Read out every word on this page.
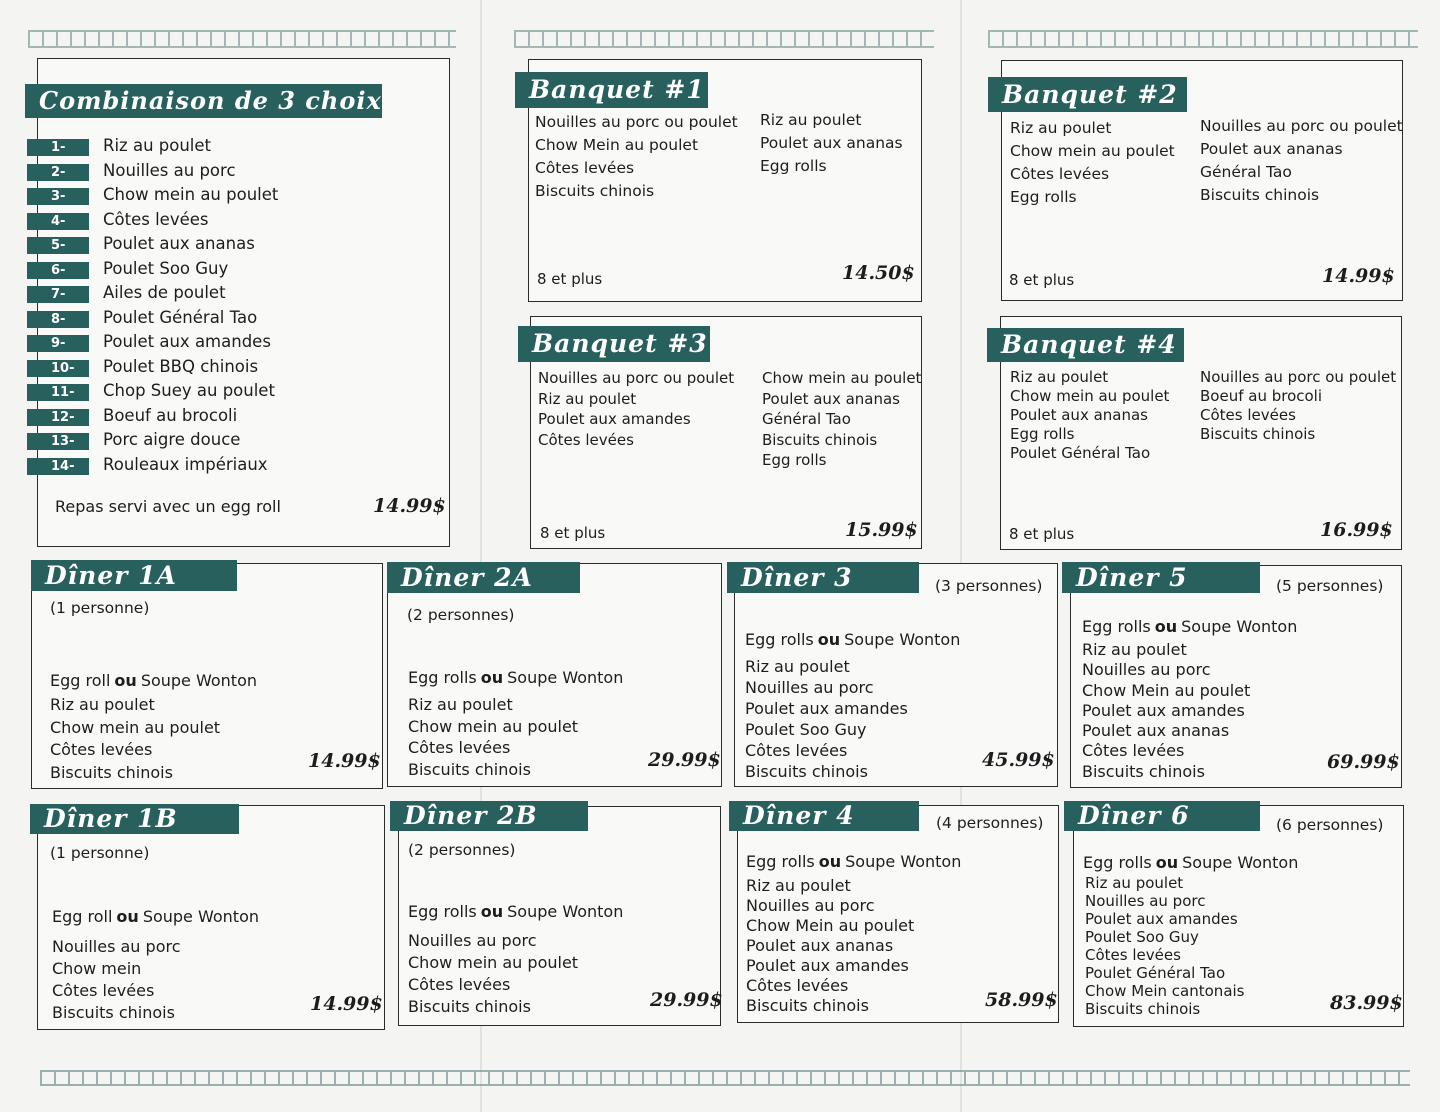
Combinaison de 3 choix
1-	Riz au poulet
2-	Nouilles au porc
3-	Chow mein au poulet
4-	Côtes levées
5-	Poulet aux ananas
6-	Poulet Soo Guy
7-	Ailes de poulet
8-	Poulet Général Tao
9-	Poulet aux amandes
10-	Poulet BBQ chinois
11-	Chop Suey au poulet
12-	Boeuf au brocoli
13-	Porc aigre douce
14-	Rouleaux impériaux
Repas servi avec un egg roll	14.99$
Banquet #1
Nouilles au porc ou poulet
Chow Mein au poulet
Côtes levées
Biscuits chinois
Riz au poulet
Poulet aux ananas
Egg rolls
8 et plus	14.50$
Banquet #2
Riz au poulet
Chow mein au poulet
Côtes levées
Egg rolls
Nouilles au porc ou poulet
Poulet aux ananas
Général Tao
Biscuits chinois
8 et plus	14.99$
Banquet #3
Nouilles au porc ou poulet
Riz au poulet
Poulet aux amandes
Côtes levées
Chow mein au poulet
Poulet aux ananas
Général Tao
Biscuits chinois
Egg rolls
8 et plus	15.99$
Banquet #4
Riz au poulet
Chow mein au poulet
Poulet aux ananas
Egg rolls
Poulet Général Tao
Nouilles au porc ou poulet
Boeuf au brocoli
Côtes levées
Biscuits chinois
8 et plus	16.99$
Dîner 1A
(1 personne)
Egg roll ou Soupe Wonton
Riz au poulet
Chow mein au poulet
Côtes levées
Biscuits chinois	14.99$
Dîner 2A
(2 personnes)
Egg rolls ou Soupe Wonton
Riz au poulet
Chow mein au poulet
Côtes levées
Biscuits chinois	29.99$
Dîner 3	(3 personnes)
Egg rolls ou Soupe Wonton
Riz au poulet
Nouilles au porc
Poulet aux amandes
Poulet Soo Guy
Côtes levées
Biscuits chinois
45.99$
Dîner 5	(5 personnes)
Egg rolls ou Soupe Wonton
Riz au poulet
Nouilles au porc
Chow Mein au poulet
Poulet aux amandes
Poulet aux ananas
Côtes levées
Biscuits chinois	69.99$
Dîner 1B
(1 personne)
Egg roll ou Soupe Wonton
Nouilles au porc
Chow mein
Côtes levées
Biscuits chinois	14.99$
Dîner 2B
(2 personnes)
Egg rolls ou Soupe Wonton
Nouilles au porc
Chow mein au poulet
Côtes levées
Biscuits chinois	29.99$
Dîner 4	(4 personnes)
Egg rolls ou Soupe Wonton
Riz au poulet
Nouilles au porc
Chow Mein au poulet
Poulet aux ananas
Poulet aux amandes
Côtes levées
Biscuits chinois	58.99$
Dîner 6	(6 personnes)
Egg rolls ou Soupe Wonton
Riz au poulet
Nouilles au porc
Poulet aux amandes
Poulet Soo Guy
Côtes levées
Poulet Général Tao
Chow Mein cantonais
Biscuits chinois	83.99$
